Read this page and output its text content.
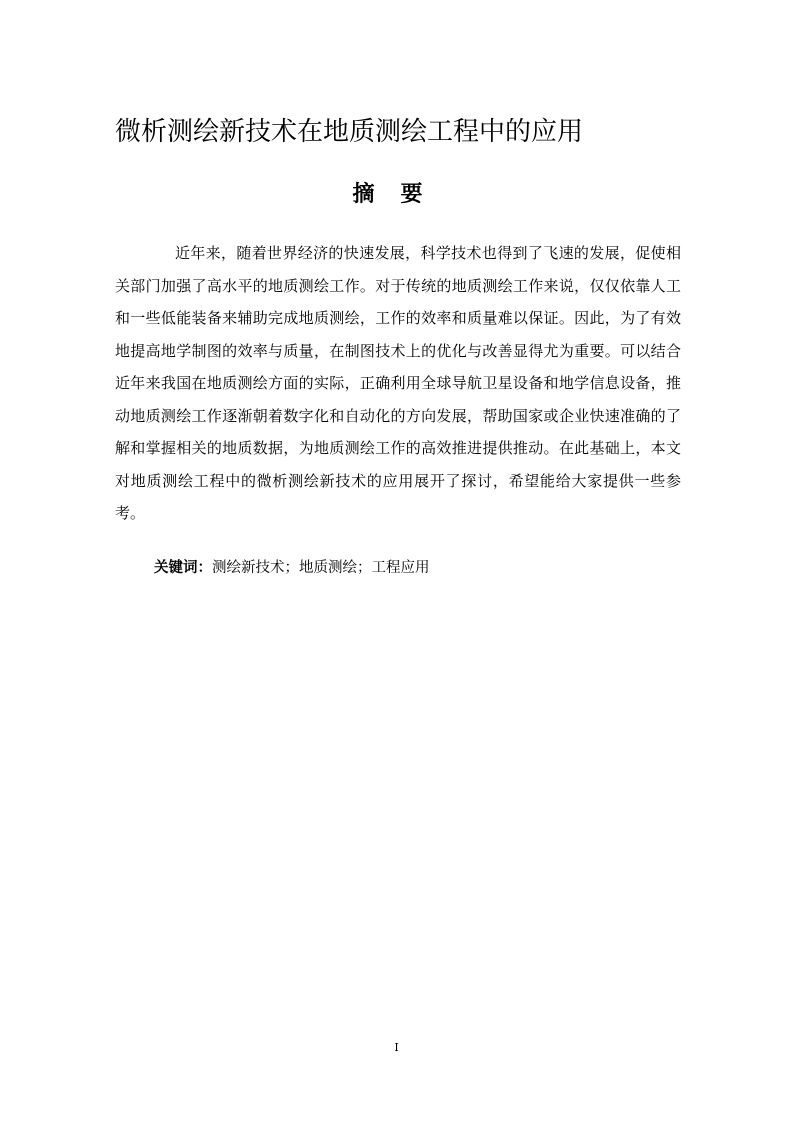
微析测绘新技术在地质测绘工程中的应用
摘要
近年来，随着世界经济的快速发展，科学技术也得到了飞速的发展，促使相关部门加强了高水平的地质测绘工作。对于传统的地质测绘工作来说，仅仅依靠人工和一些低能装备来辅助完成地质测绘，工作的效率和质量难以保证。因此，为了有效地提高地学制图的效率与质量，在制图技术上的优化与改善显得尤为重要。可以结合近年来我国在地质测绘方面的实际，正确利用全球导航卫星设备和地学信息设备，推动地质测绘工作逐渐朝着数字化和自动化的方向发展，帮助国家或企业快速准确的了解和掌握相关的地质数据，为地质测绘工作的高效推进提供推动。在此基础上，本文对地质测绘工程中的微析测绘新技术的应用展开了探讨，希望能给大家提供一些参考。
关键词：测绘新技术；地质测绘；工程应用
I
